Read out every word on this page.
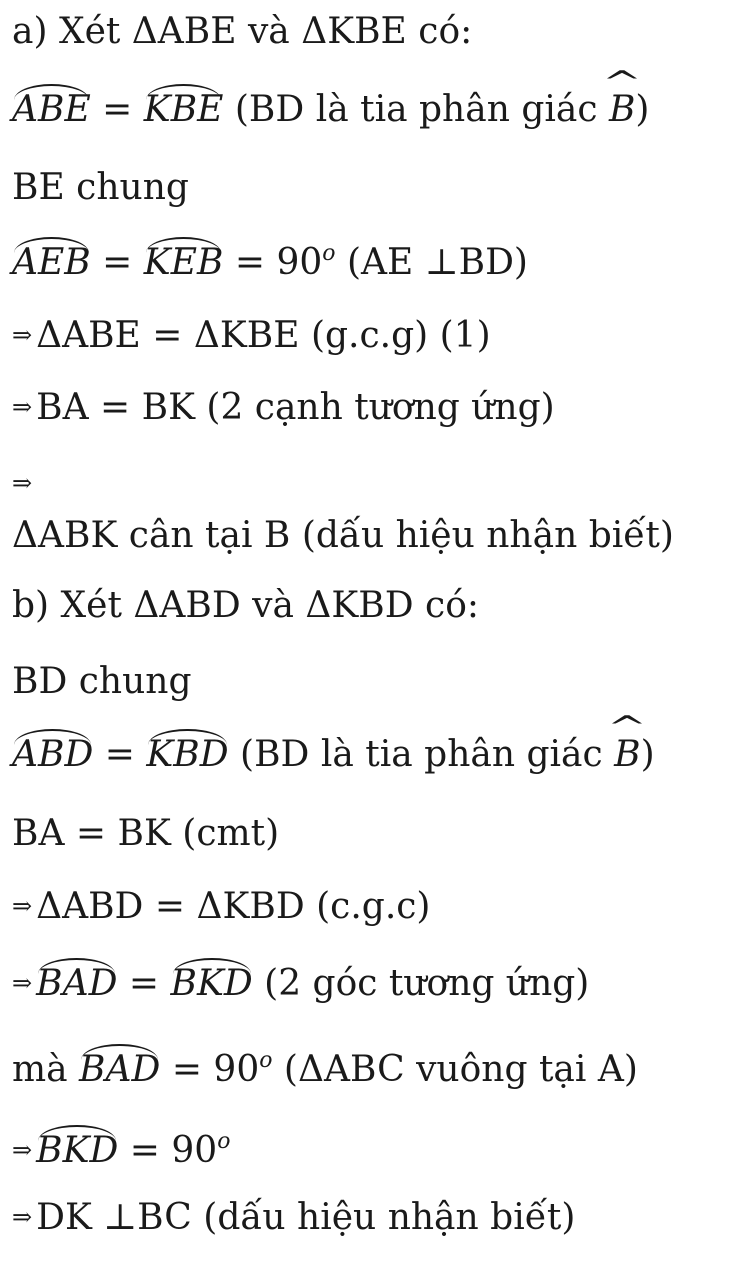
a) Xét ΔABE và ΔKBE có:
ABE = KBE (BD là tia phân giác ^ B)
BE chung
AEB = KEB = $90^o$ (AE ⊥BD)
⇒ ΔABE = ΔKBE (g.c.g) (1)
⇒ BA = BK (2 cạnh tương ứng)
⇒
ΔABK cân tại B (dấu hiệu nhận biết)
b) Xét ΔABD và ΔKBD có:
BD chung
ABD = KBD (BD là tia phân giác ^ B)
BA = BK (cmt)
⇒ ΔABD = ΔKBD (c.g.c)
⇒ BAD = BKD (2 góc tương ứng)
mà BAD = $90^o$ (ΔABC vuông tại A)
⇒ BKD = $90^o$
⇒ DK ⊥BC (dấu hiệu nhận biết)
